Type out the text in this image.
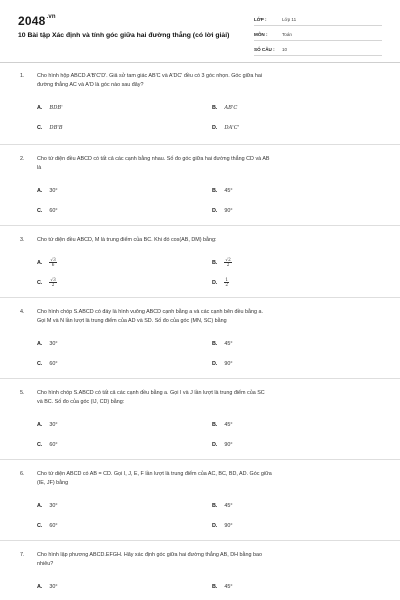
$2048^{.vn}$
10 Bài tập Xác định và tính góc giữa hai đường thẳng (có lời giải)
LỚP :	Lớp 11
MÔN :	Toán
SỐ CÂU :	10
1. Cho hình hộp ABCD.A'B'C'D'. Giả sử tam giác AB'C và A'DC' đều có 3 góc nhọn. Góc giữa hai
đường thẳng AC và A'D là góc nào sau đây?
A. BDB'	B. AB'C
C. DB'B	D. DA'C'
2. Cho tứ diện đều ABCD có tất cả các cạnh bằng nhau. Số đo góc giữa hai đường thẳng CD và AB
là
A. 30°	B. 45°
C. 60°	D. 90°
3. Cho tứ diện đều ABCD, M là trung điểm của BC. Khi đó cos(AB, DM) bằng:
A. $\frac{√3}{6}$	B. $\frac{√2}{2}$
C. $\frac{√3}{2}$	D. $\frac{1}{2}$
4. Cho hình chóp S.ABCD có đáy là hình vuông ABCD cạnh bằng a và các cạnh bên đều bằng a.
Gọi M và N lần lượt là trung điểm của AD và SD. Số đo của góc (MN, SC) bằng
A. 30°	B. 45°
C. 60°	D. 90°
5. Cho hình chóp S.ABCD có tất cả các cạnh đều bằng a. Gọi I và J lần lượt là trung điểm của SC
và BC. Số đo của góc (IJ, CD) bằng:
A. 30°	B. 45°
C. 60°	D. 90°
6. Cho tứ diện ABCD có AB = CD. Gọi I, J, E, F lần lượt là trung điểm của AC, BC, BD, AD. Góc giữa
(IE, JF) bằng
A. 30°	B. 45°
C. 60°	D. 90°
7. Cho hình lập phương ABCD.EFGH. Hãy xác định góc giữa hai đường thẳng AB, DH bằng bao
nhiêu?
A. 30°	B. 45°
